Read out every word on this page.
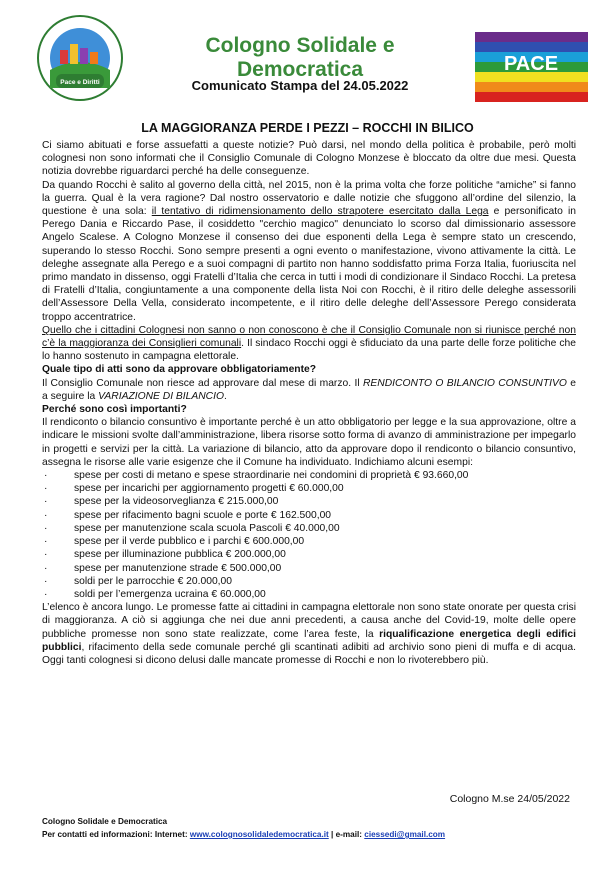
Pace e Diritti
Cologno Solidale e Democratica
Comunicato Stampa del 24.05.2022
PACE
LA MAGGIORANZA PERDE I PEZZI – ROCCHI IN BILICO

Ci siamo abituati e forse assuefatti a queste notizie? Può darsi, nel mondo della politica è probabile, però molti colognesi non sono informati che il Consiglio Comunale di Cologno Monzese è bloccato da oltre due mesi. Questa notizia dovrebbe riguardarci perché ha delle conseguenze.

Da quando Rocchi è salito al governo della città, nel 2015, non è la prima volta che forze politiche “amiche” si fanno la guerra. Qual è la vera ragione? Dal nostro osservatorio e dalle notizie che sfuggono all’ordine del silenzio, la questione è una sola: il tentativo di ridimensionamento dello strapotere esercitato dalla Lega e personificato in Perego Dania e Riccardo Pase, il cosiddetto "cerchio magico" denunciato lo scorso dal dimissionario assessore Angelo Scalese. A Cologno Monzese il consenso dei due esponenti della Lega è sempre stato un crescendo, superando lo stesso Rocchi. Sono sempre presenti a ogni evento o manifestazione, vivono attivamente la città. Le deleghe assegnate alla Perego e a suoi compagni di partito non hanno soddisfatto prima Forza Italia, fuoriuscita nel primo mandato in dissenso, oggi Fratelli d’Italia che cerca in tutti i modi di condizionare il Sindaco Rocchi. La pretesa di Fratelli d’Italia, congiuntamente a una componente della lista Noi con Rocchi, è il ritiro delle deleghe assessorili dell’Assessore Della Vella, considerato incompetente, e il ritiro delle deleghe dell’Assessore Perego considerata troppo accentratrice.

Quello che i cittadini Colognesi non sanno o non conoscono è che il Consiglio Comunale non si riunisce perché non c’è la maggioranza dei Consiglieri comunali. Il sindaco Rocchi oggi è sfiduciato da una parte delle forze politiche che lo hanno sostenuto in campagna elettorale.

Quale tipo di atti sono da approvare obbligatoriamente?

Il Consiglio Comunale non riesce ad approvare dal mese di marzo. Il RENDICONTO O BILANCIO CONSUNTIVO e a seguire la VARIAZIONE DI BILANCIO.

Perché sono così importanti?

Il rendiconto o bilancio consuntivo è importante perché è un atto obbligatorio per legge e la sua approvazione, oltre a indicare le missioni svolte dall’amministrazione, libera risorse sotto forma di avanzo di amministrazione per impegarlo in progetti e servizi per la città. La variazione di bilancio, atto da approvare dopo il rendiconto o bilancio consuntivo, assegna le risorse alle varie esigenze che il Comune ha individuato. Indichiamo alcuni esempi:

· spese per costi di metano e spese straordinarie nei condomini di proprietà € 93.660,00
· spese per incarichi per aggiornamento progetti € 60.000,00
· spese per la videosorveglianza € 215.000,00
· spese per rifacimento bagni scuole e porte € 162.500,00
· spese per manutenzione scala scuola Pascoli € 40.000,00
· spese per il verde pubblico e i parchi € 600.000,00
· spese per illuminazione pubblica € 200.000,00
· spese per manutenzione strade € 500.000,00
· soldi per le parrocchie € 20.000,00
· soldi per l’emergenza ucraina € 60.000,00

L’elenco è ancora lungo. Le promesse fatte ai cittadini in campagna elettorale non sono state onorate per questa crisi di maggioranza. A ciò si aggiunga che nei due anni precedenti, a causa anche del Covid-19, molte delle opere pubbliche promesse non sono state realizzate, come l’area feste, la riqualificazione energetica degli edifici pubblici, rifacimento della sede comunale perché gli scantinati adibiti ad archivio sono pieni di muffa e di acqua. Oggi tanti colognesi si dicono delusi dalle mancate promesse di Rocchi e non lo rivoterebbero più.

Cologno M.se 24/05/2022
Cologno Solidale e Democratica
Per contatti ed informazioni: Internet: www.colognosolidaledemocratica.it | e-mail: ciessedi@gmail.com
